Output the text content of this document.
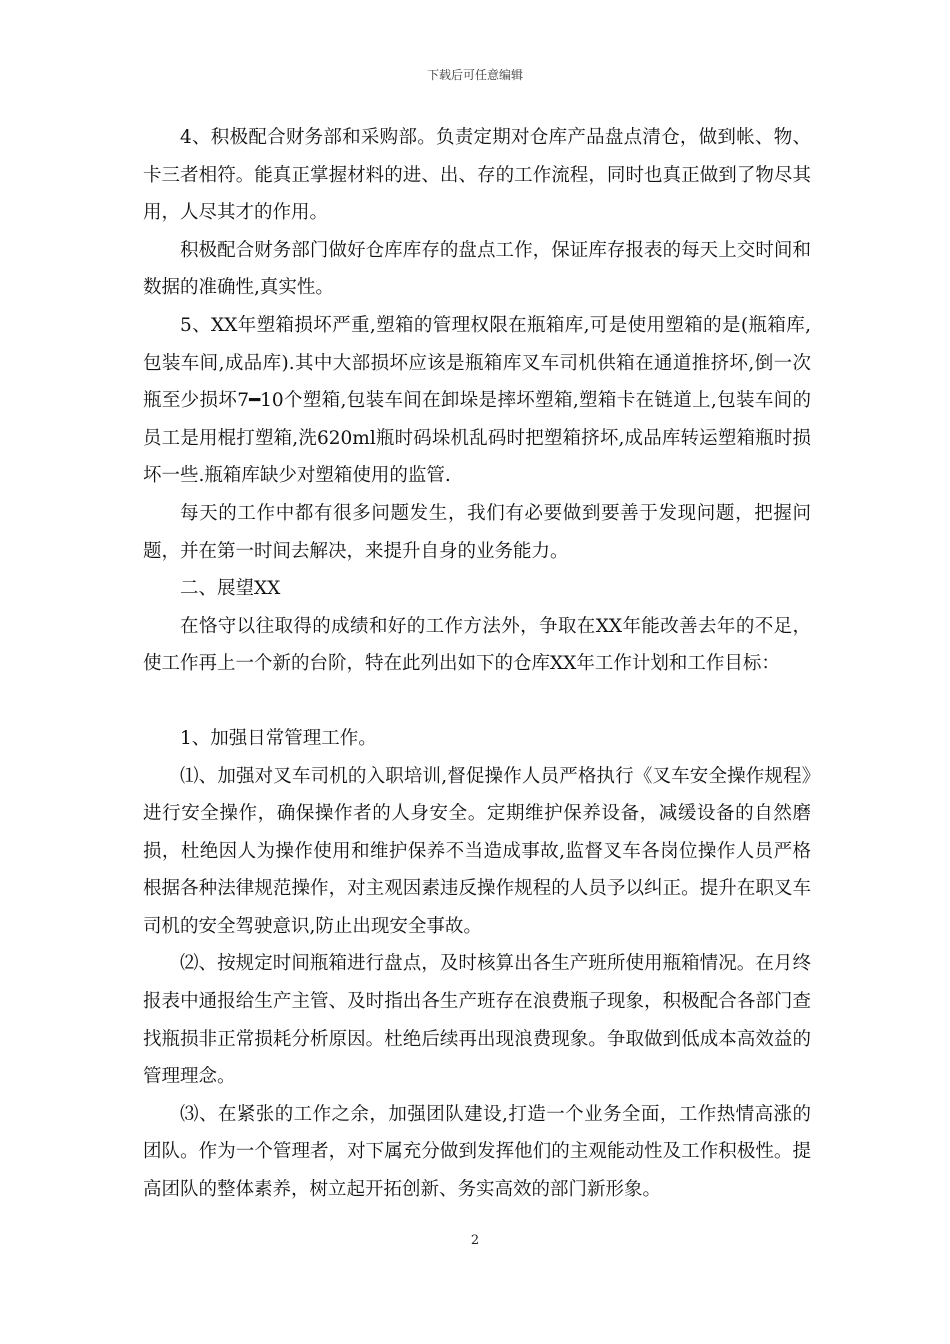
下载后可任意编辑

4、积极配合财务部和采购部。负责定期对仓库产品盘点清仓，做到帐、物、卡三者相符。能真正掌握材料的进、出、存的工作流程，同时也真正做到了物尽其用，人尽其才的作用。

积极配合财务部门做好仓库库存的盘点工作，保证库存报表的每天上交时间和数据的准确性,真实性。

5、XX年塑箱损坏严重,塑箱的管理权限在瓶箱库,可是使用塑箱的是(瓶箱库,包装车间,成品库).其中大部损坏应该是瓶箱库叉车司机供箱在通道推挤坏,倒一次瓶至少损坏7━10个塑箱,包装车间在卸垛是摔坏塑箱,塑箱卡在链道上,包装车间的员工是用棍打塑箱,洗620ml瓶时码垛机乱码时把塑箱挤坏,成品库转运塑箱瓶时损坏一些.瓶箱库缺少对塑箱使用的监管.

每天的工作中都有很多问题发生，我们有必要做到要善于发现问题，把握问题，并在第一时间去解决，来提升自身的业务能力。

二、展望XX

在恪守以往取得的成绩和好的工作方法外，争取在XX年能改善去年的不足，使工作再上一个新的台阶，特在此列出如下的仓库XX年工作计划和工作目标：

1、加强日常管理工作。

⑴、加强对叉车司机的入职培训,督促操作人员严格执行《叉车安全操作规程》进行安全操作，确保操作者的人身安全。定期维护保养设备，减缓设备的自然磨损，杜绝因人为操作使用和维护保养不当造成事故,监督叉车各岗位操作人员严格根据各种法律规范操作，对主观因素违反操作规程的人员予以纠正。提升在职叉车司机的安全驾驶意识,防止出现安全事故。

⑵、按规定时间瓶箱进行盘点，及时核算出各生产班所使用瓶箱情况。在月终报表中通报给生产主管、及时指出各生产班存在浪费瓶子现象，积极配合各部门查找瓶损非正常损耗分析原因。杜绝后续再出现浪费现象。争取做到低成本高效益的管理理念。

⑶、在紧张的工作之余，加强团队建设,打造一个业务全面，工作热情高涨的团队。作为一个管理者，对下属充分做到发挥他们的主观能动性及工作积极性。提高团队的整体素养，树立起开拓创新、务实高效的部门新形象。

2
